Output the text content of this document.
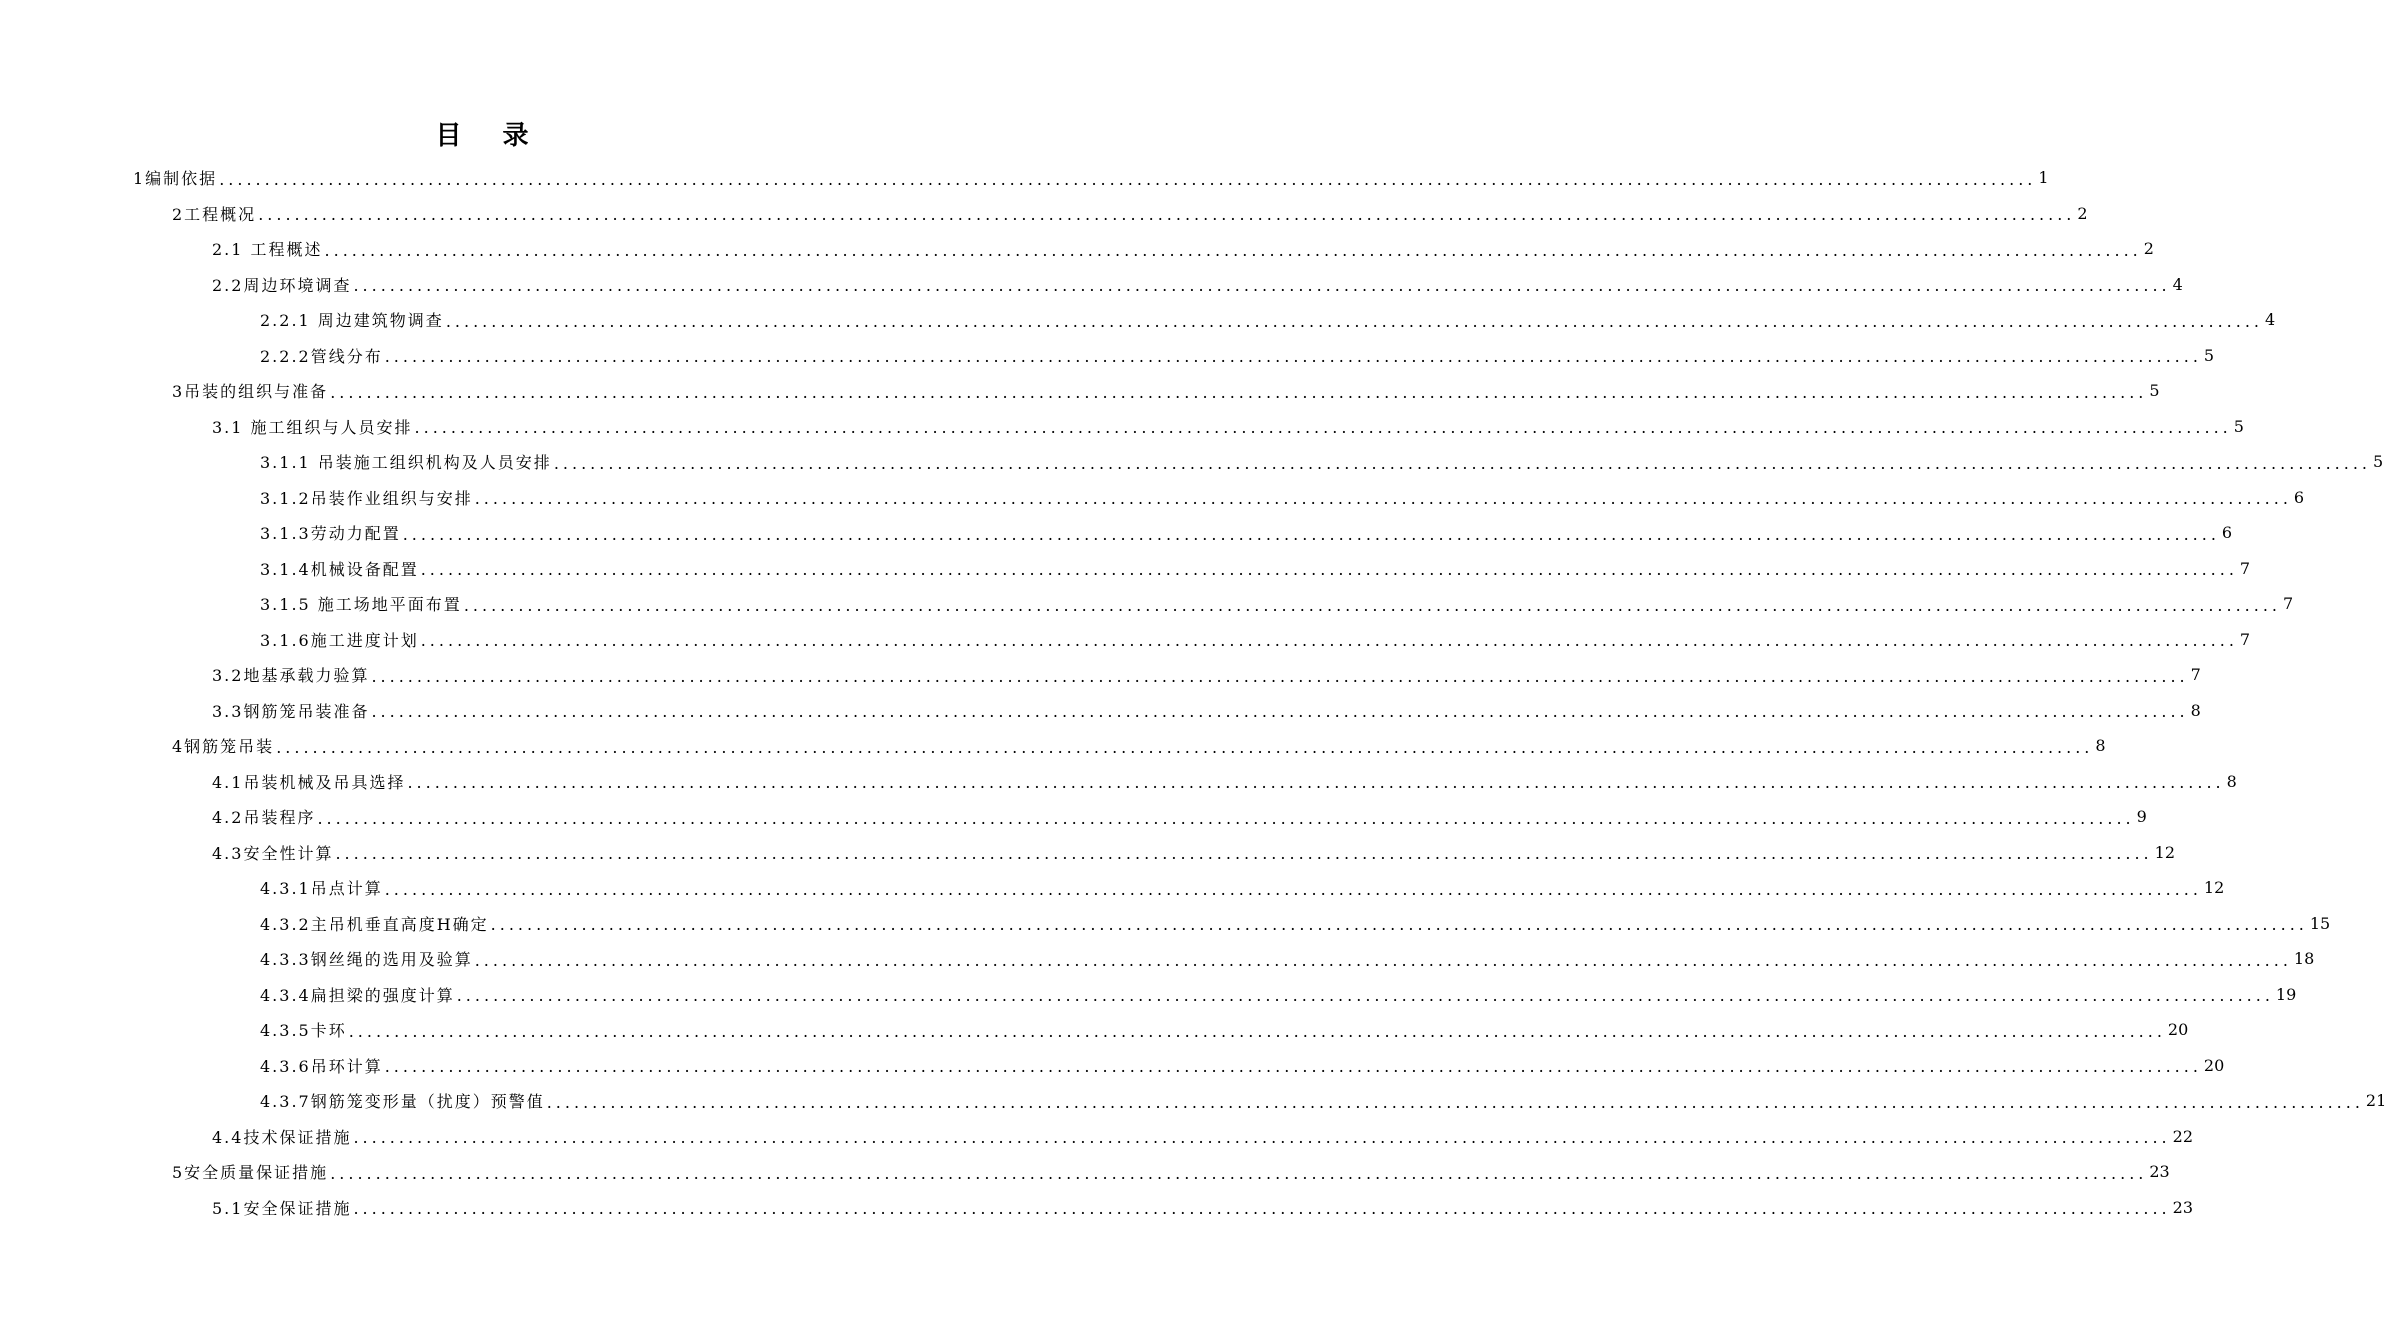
目 录
1编制依据 ........................................................................................................................................................................................................ 1
2工程概况 ........................................................................................................................................................................................................ 2
2.1 工程概述 ........................................................................................................................................................................................................ 2
2.2周边环境调查 ........................................................................................................................................................................................................ 4
2.2.1 周边建筑物调查 ........................................................................................................................................................................................................ 4
2.2.2管线分布 ........................................................................................................................................................................................................ 5
3吊装的组织与准备 ........................................................................................................................................................................................................ 5
3.1 施工组织与人员安排 ........................................................................................................................................................................................................ 5
3.1.1 吊装施工组织机构及人员安排 ........................................................................................................................................................................................................ 5
3.1.2吊装作业组织与安排 ........................................................................................................................................................................................................ 6
3.1.3劳动力配置 ........................................................................................................................................................................................................ 6
3.1.4机械设备配置 ........................................................................................................................................................................................................ 7
3.1.5 施工场地平面布置 ........................................................................................................................................................................................................ 7
3.1.6施工进度计划 ........................................................................................................................................................................................................ 7
3.2地基承载力验算 ........................................................................................................................................................................................................ 7
3.3钢筋笼吊装准备 ........................................................................................................................................................................................................ 8
4钢筋笼吊装 ........................................................................................................................................................................................................ 8
4.1吊装机械及吊具选择 ........................................................................................................................................................................................................ 8
4.2吊装程序 ........................................................................................................................................................................................................ 9
4.3安全性计算 ........................................................................................................................................................................................................ 12
4.3.1吊点计算 ........................................................................................................................................................................................................ 12
4.3.2主吊机垂直高度H确定 ........................................................................................................................................................................................................ 15
4.3.3钢丝绳的选用及验算 ........................................................................................................................................................................................................ 18
4.3.4扁担梁的强度计算 ........................................................................................................................................................................................................ 19
4.3.5卡环 ........................................................................................................................................................................................................ 20
4.3.6吊环计算 ........................................................................................................................................................................................................ 20
4.3.7钢筋笼变形量（扰度）预警值 ........................................................................................................................................................................................................ 21
4.4技术保证措施 ........................................................................................................................................................................................................ 22
5安全质量保证措施 ........................................................................................................................................................................................................ 23
5.1安全保证措施 ........................................................................................................................................................................................................ 23
